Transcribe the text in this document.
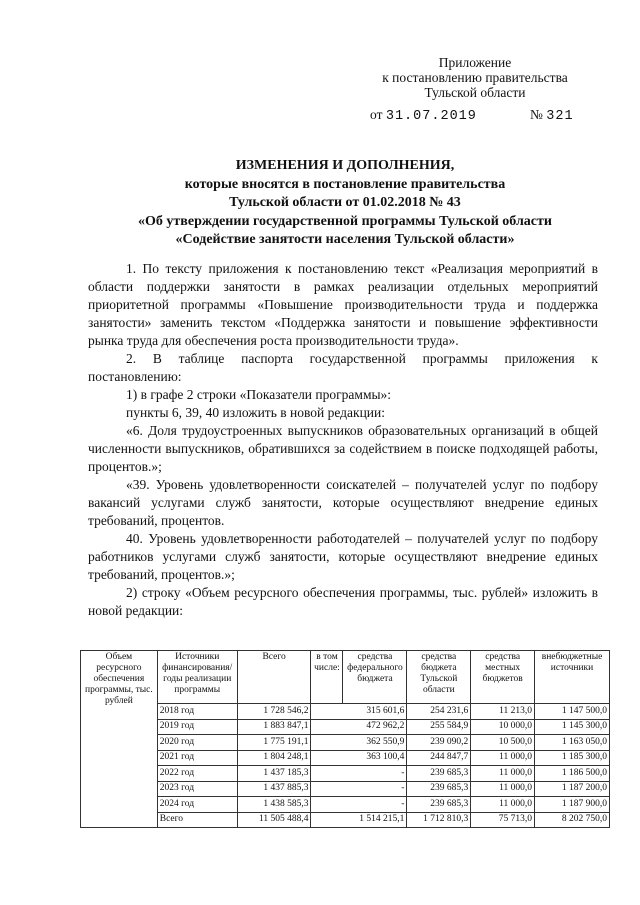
Приложение
к постановлению правительства
Тульской области
от 31.07.2019	№ 321
ИЗМЕНЕНИЯ И ДОПОЛНЕНИЯ,
которые вносятся в постановление правительства
Тульской области от 01.02.2018 № 43
«Об утверждении государственной программы Тульской области
«Содействие занятости населения Тульской области»

1. По тексту приложения к постановлению текст «Реализация мероприятий в области поддержки занятости в рамках реализации отдельных мероприятий приоритетной программы «Повышение производительности труда и поддержка занятости» заменить текстом «Поддержка занятости и повышение эффективности рынка труда для обеспечения роста производительности труда».

2. В таблице паспорта государственной программы приложения к постановлению:

1) в графе 2 строки «Показатели программы»:

пункты 6, 39, 40 изложить в новой редакции:

«6. Доля трудоустроенных выпускников образовательных организаций в общей численности выпускников, обратившихся за содействием в поиске подходящей работы, процентов.»;

«39. Уровень удовлетворенности соискателей – получателей услуг по подбору вакансий услугами служб занятости, которые осуществляют внедрение единых требований, процентов.

40. Уровень удовлетворенности работодателей – получателей услуг по подбору работников услугами служб занятости, которые осуществляют внедрение единых требований, процентов.»;

2) строку «Объем ресурсного обеспечения программы, тыс. рублей» изложить в новой редакции:

Объем ресурсного обеспечения программы, тыс. рублей	Источники финансирования/ годы реализации программы	Всего	в том числе:	средства федерального бюджета	средства бюджета Тульской области	средства местных бюджетов	внебюджетные источники
	2018 год	1 728 546,2	315 601,6		254 231,6	11 213,0	1 147 500,0
	2019 год	1 883 847,1	472 962,2		255 584,9	10 000,0	1 145 300,0
	2020 год	1 775 191,1	362 550,9		239 090,2	10 500,0	1 163 050,0
	2021 год	1 804 248,1	363 100,4		244 847,7	11 000,0	1 185 300,0
	2022 год	1 437 185,3	-		239 685,3	11 000,0	1 186 500,0
	2023 год	1 437 885,3	-		239 685,3	11 000,0	1 187 200,0
	2024 год	1 438 585,3	-		239 685,3	11 000,0	1 187 900,0
	Всего	11 505 488,4	1 514 215,1		1 712 810,3	75 713,0	8 202 750,0
